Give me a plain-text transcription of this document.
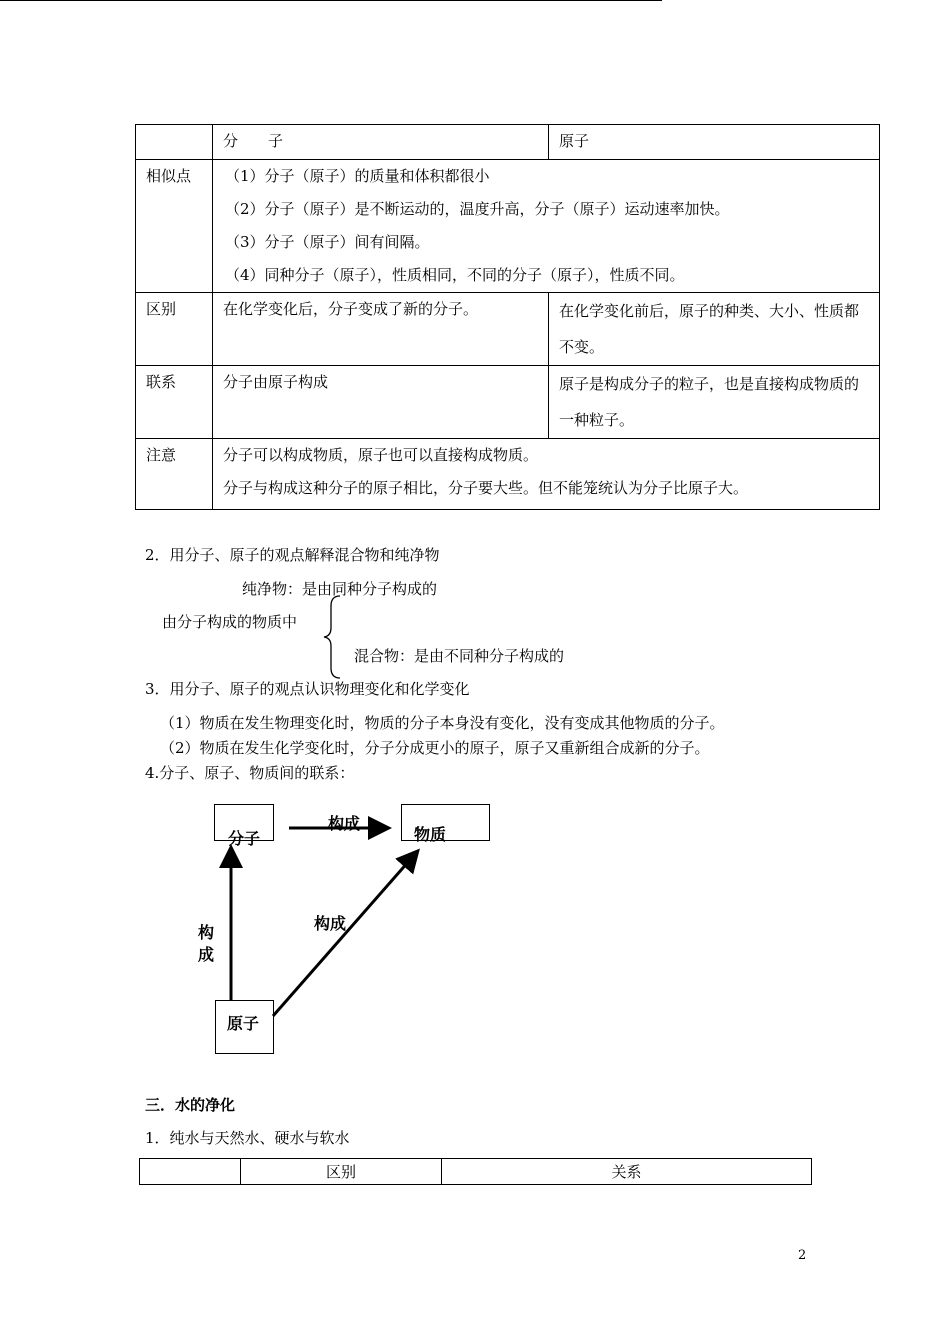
	分　　子	原子
相似点	（1）分子（原子）的质量和体积都很小

（2）分子（原子）是不断运动的，温度升高，分子（原子）运动速率加快。

（3）分子（原子）间有间隔。

（4）同种分子（原子），性质相同，不同的分子（原子），性质不同。	

区别	在化学变化后，分子变成了新的分子。	在化学变化前后，原子的种类、大小、性质都不变。
联系	分子由原子构成	原子是构成分子的粒子，也是直接构成物质的一种粒子。
注意	分子可以构成物质，原子也可以直接构成物质。

分子与构成这种分子的原子相比，分子要大些。但不能笼统认为分子比原子大。	

2．用分子、原子的观点解释混合物和纯净物
纯净物：是由同种分子构成的
由分子构成的物质中
混合物：是由不同种分子构成的
3．用分子、原子的观点认识物理变化和化学变化
（1）物质在发生物理变化时，物质的分子本身没有变化，没有变成其他物质的分子。
（2）物质在发生化学变化时，分子分成更小的原子，原子又重新组合成新的分子。
4.分子、原子、物质间的联系：
分子	物质
原子
构成
构成
构成
三．水的净化
1．纯水与天然水、硬水与软水
	区别	关系
2
